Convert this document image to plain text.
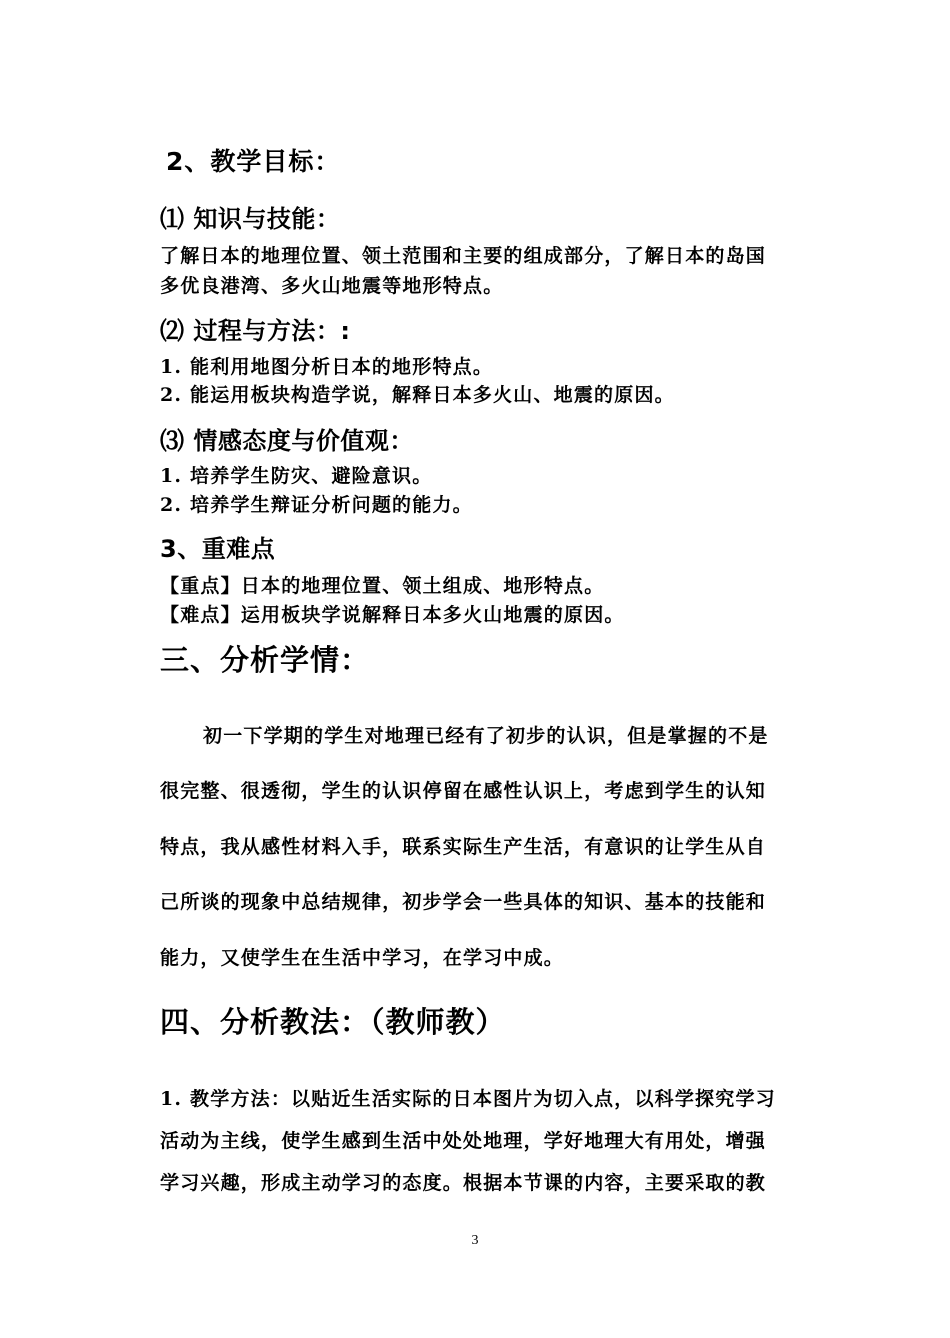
2、教学目标：
⑴ 知识与技能：
了解日本的地理位置、领土范围和主要的组成部分，了解日本的岛国
多优良港湾、多火山地震等地形特点。
⑵ 过程与方法：:
1. 能利用地图分析日本的地形特点。
2. 能运用板块构造学说，解释日本多火山、地震的原因。
⑶ 情感态度与价值观：
1. 培养学生防灾、避险意识。
2. 培养学生辩证分析问题的能力。
3、重难点
【重点】日本的地理位置、领土组成、地形特点。
【难点】运用板块学说解释日本多火山地震的原因。
三、分析学情：
初一下学期的学生对地理已经有了初步的认识，但是掌握的不是
很完整、很透彻，学生的认识停留在感性认识上，考虑到学生的认知
特点，我从感性材料入手，联系实际生产生活，有意识的让学生从自
己所谈的现象中总结规律，初步学会一些具体的知识、基本的技能和
能力，又使学生在生活中学习，在学习中成。
四、分析教法：（教师教）
1. 教学方法：以贴近生活实际的日本图片为切入点，以科学探究学习
活动为主线，使学生感到生活中处处地理，学好地理大有用处，增强
学习兴趣，形成主动学习的态度。根据本节课的内容，主要采取的教
3
